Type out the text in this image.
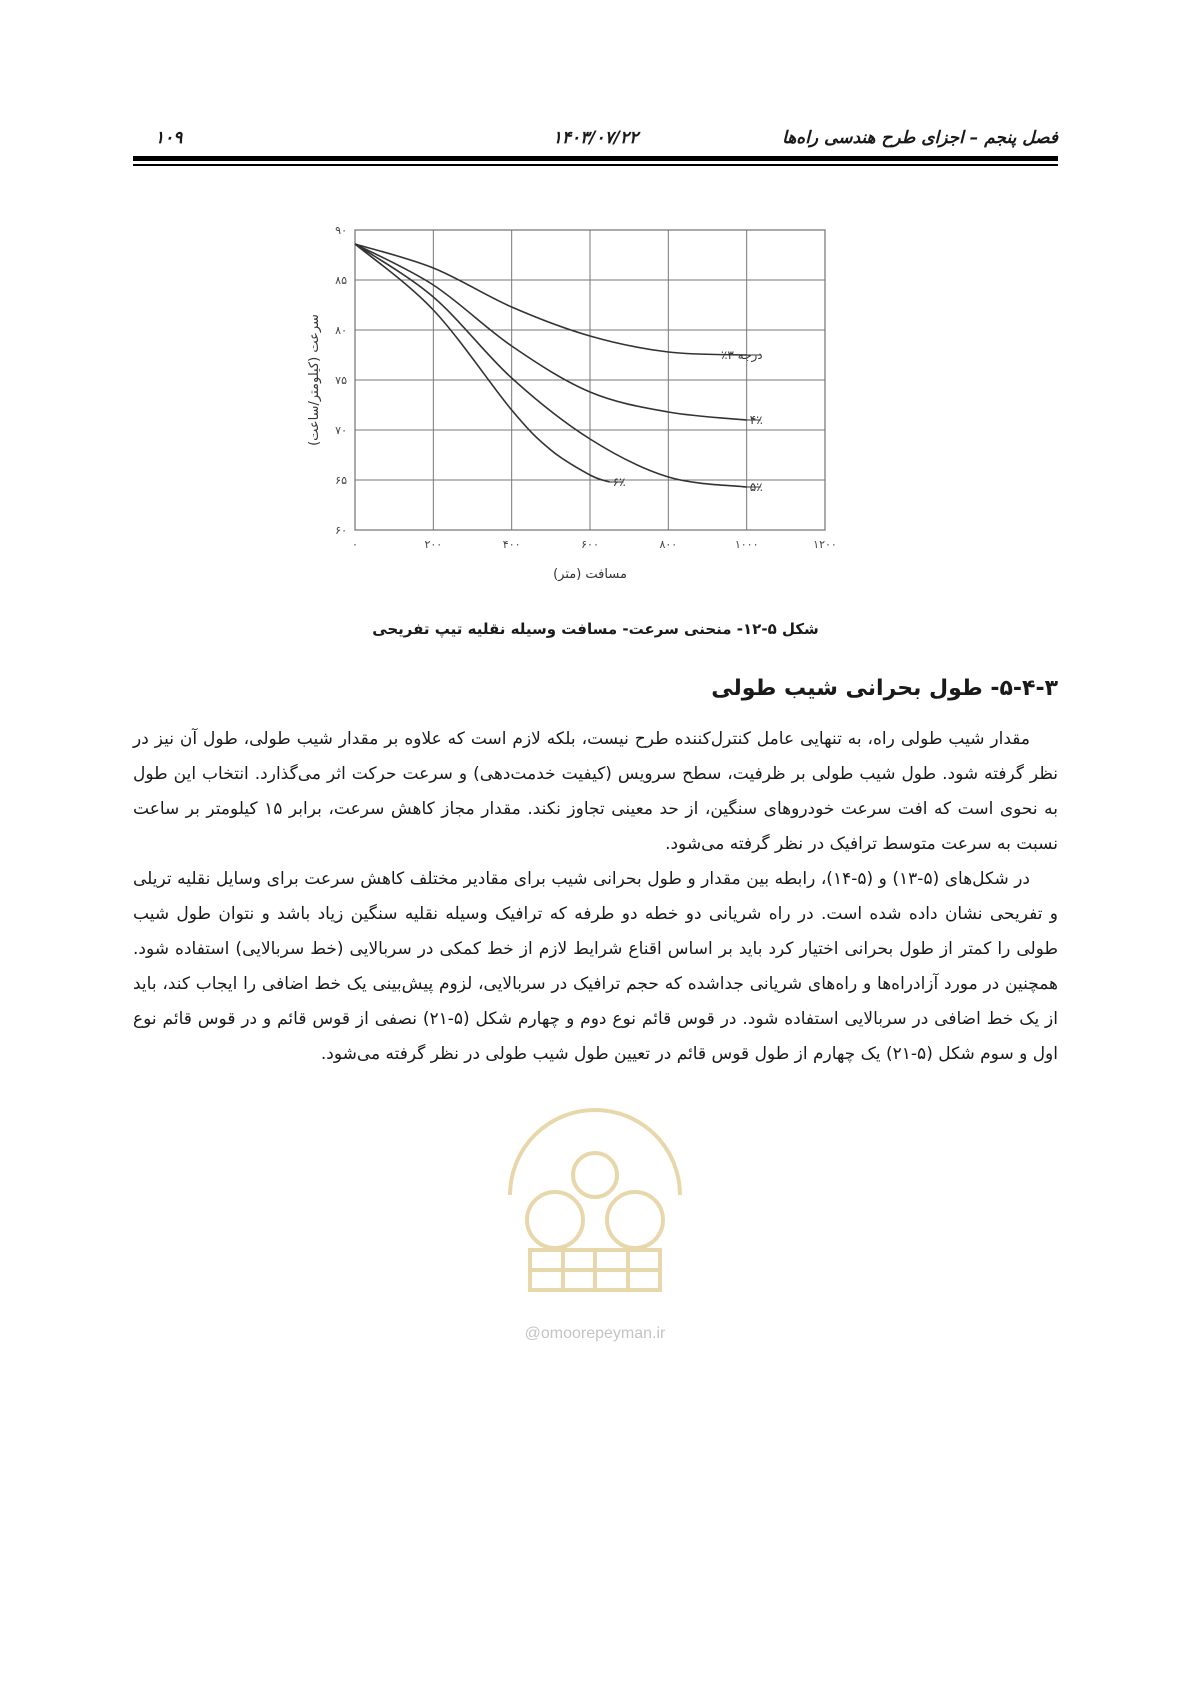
فصل پنجم – اجزای طرح هندسی راه‌ها
۱۴۰۳/۰۷/۲۲
۱۰۹
۶۰
۶۵
۷۰
۷۵
۸۰
۸۵
۹۰
۰	۲۰۰	۴۰۰	۶۰۰	۸۰۰	۱۰۰۰	۱۲۰۰
درجه ۳٪
۴٪
۵٪
۶٪
سرعت (کیلومتر/ساعت)
مسافت (متر)
شکل ۵-۱۲- منحنی سرعت- مسافت وسیله نقلیه تیپ تفریحی
۵-۴-۳- طول بحرانی شیب طولی

مقدار شیب طولی راه، به تنهایی عامل کنترل‌کننده طرح نیست، بلکه لازم است که علاوه بر مقدار شیب طولی، طول آن نیز در نظر گرفته شود. طول شیب طولی بر ظرفیت، سطح سرویس (کیفیت خدمت‌دهی) و سرعت حرکت اثر می‌گذارد. انتخاب این طول به نحوی است که افت سرعت خودروهای سنگین، از حد معینی تجاوز نکند. مقدار مجاز کاهش سرعت، برابر ۱۵ کیلومتر بر ساعت نسبت به سرعت متوسط ترافیک در نظر گرفته می‌شود.

در شکل‌های (۵-۱۳) و (۵-۱۴)، رابطه بین مقدار و طول بحرانی شیب برای مقادیر مختلف کاهش سرعت برای وسایل نقلیه تریلی و تفریحی نشان داده شده است. در راه شریانی دو خطه دو طرفه که ترافیک وسیله نقلیه سنگین زیاد باشد و نتوان طول شیب طولی را کمتر از طول بحرانی اختیار کرد باید بر اساس اقناع شرایط لازم از خط کمکی در سربالایی (خط سربالایی) استفاده شود. همچنین در مورد آزادراه‌ها و راه‌های شریانی جداشده که حجم ترافیک در سربالایی، لزوم پیش‌بینی یک خط اضافی را ایجاب کند، باید از یک خط اضافی در سربالایی استفاده شود. در قوس قائم نوع دوم و چهارم شکل (۵-۲۱) نصفی از قوس قائم و در قوس قائم نوع اول و سوم شکل (۵-۲۱) یک چهارم از طول قوس قائم در تعیین طول شیب طولی در نظر گرفته می‌شود.

@omoorepeyman.ir
